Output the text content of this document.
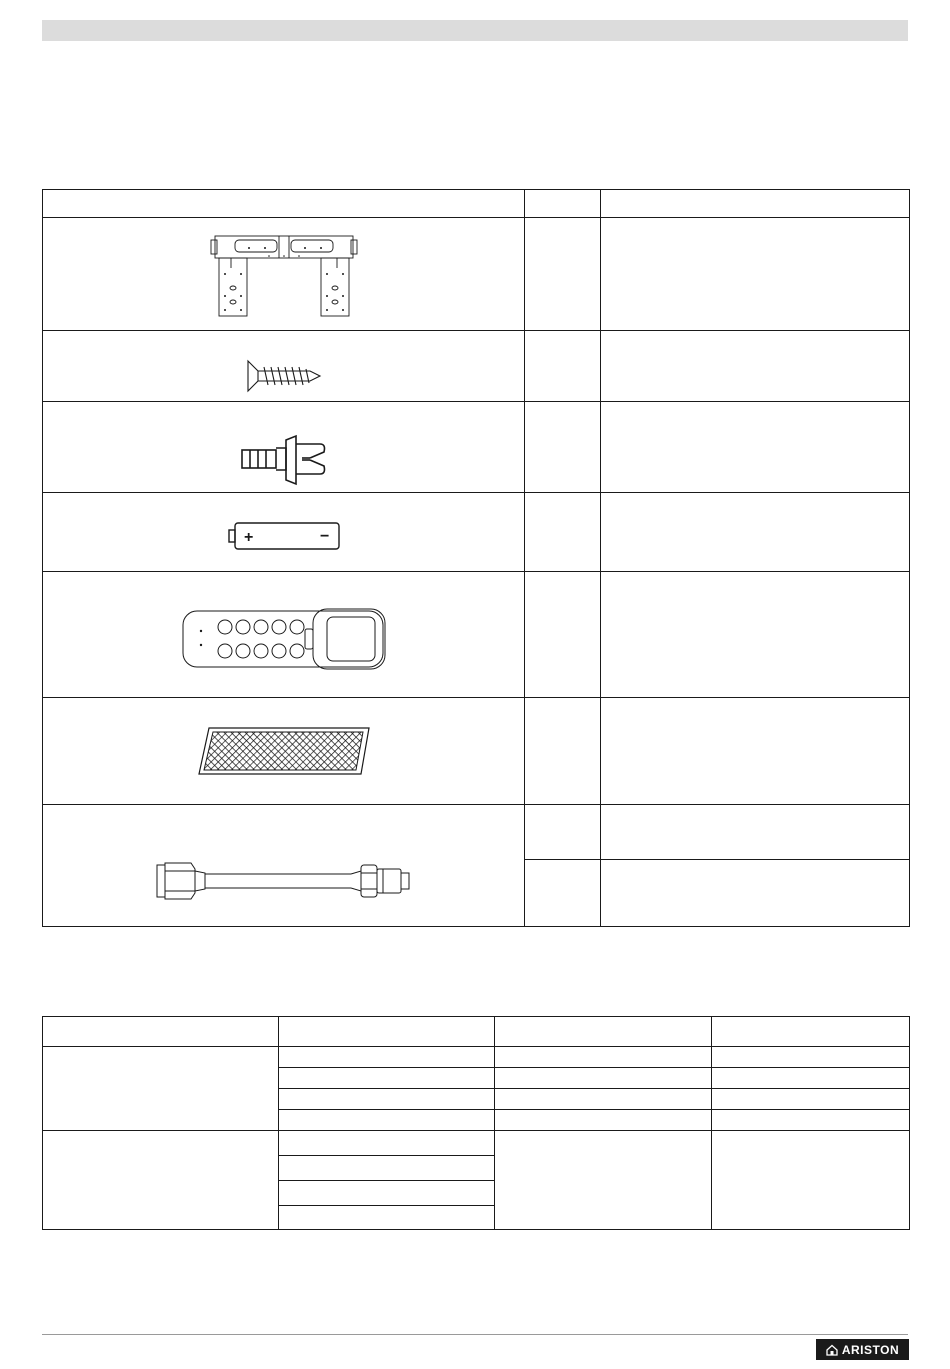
+ −		

ARISTON
